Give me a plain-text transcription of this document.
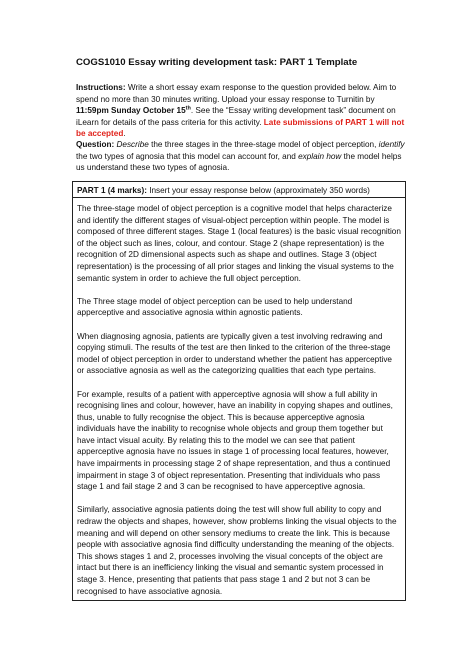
COGS1010 Essay writing development task: PART 1 Template
Instructions: Write a short essay exam response to the question provided below. Aim to spend no more than 30 minutes writing. Upload your essay response to Turnitin by 11:59pm Sunday October 15th. See the “Essay writing development task” document on iLearn for details of the pass criteria for this activity. Late submissions of PART 1 will not be accepted.
Question: Describe the three stages in the three-stage model of object perception, identify the two types of agnosia that this model can account for, and explain how the model helps us understand these two types of agnosia.
PART 1 (4 marks): Insert your essay response below (approximately 350 words)

The three-stage model of object perception is a cognitive model that helps characterize and identify the different stages of visual-object perception within people. The model is composed of three different stages. Stage 1 (local features) is the basic visual recognition of the object such as lines, colour, and contour. Stage 2 (shape representation) is the recognition of 2D dimensional aspects such as shape and outlines. Stage 3 (object representation) is the processing of all prior stages and linking the visual systems to the semantic system in order to achieve the full object perception.

The Three stage model of object perception can be used to help understand apperceptive and associative agnosia within agnostic patients.

When diagnosing agnosia, patients are typically given a test involving redrawing and copying stimuli. The results of the test are then linked to the criterion of the three-stage model of object perception in order to understand whether the patient has apperceptive or associative agnosia as well as the categorizing qualities that each type pertains.

For example, results of a patient with apperceptive agnosia will show a full ability in recognising lines and colour, however, have an inability in copying shapes and outlines, thus, unable to fully recognise the object. This is because apperceptive agnosia individuals have the inability to recognise whole objects and group them together but have intact visual acuity. By relating this to the model we can see that patient apperceptive agnosia have no issues in stage 1 of processing local features, however, have impairments in processing stage 2 of shape representation, and thus a continued impairment in stage 3 of object representation. Presenting that individuals who pass stage 1 and fail stage 2 and 3 can be recognised to have apperceptive agnosia.

Similarly, associative agnosia patients doing the test will show full ability to copy and redraw the objects and shapes, however, show problems linking the visual objects to the meaning and will depend on other sensory mediums to create the link. This is because people with associative agnosia find difficulty understanding the meaning of the objects. This shows stages 1 and 2, processes involving the visual concepts of the object are intact but there is an inefficiency linking the visual and semantic system processed in stage 3. Hence, presenting that patients that pass stage 1 and 2 but not 3 can be recognised to have associative agnosia.
